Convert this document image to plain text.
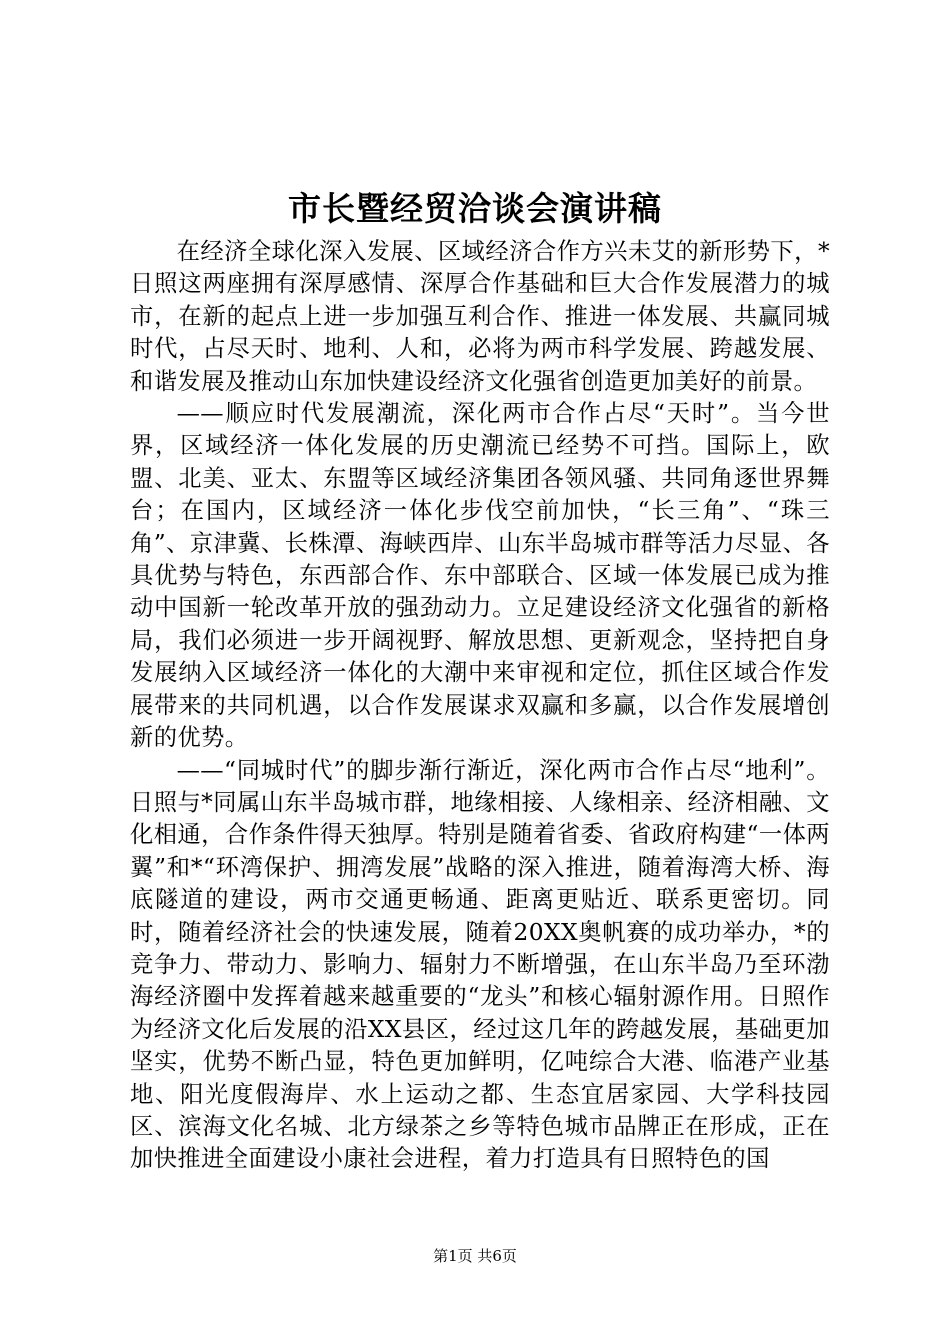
市长暨经贸洽谈会演讲稿

在经济全球化深入发展、区域经济合作方兴未艾的新形势下，*日照这两座拥有深厚感情、深厚合作基础和巨大合作发展潜力的城市，在新的起点上进一步加强互利合作、推进一体发展、共赢同城时代，占尽天时、地利、人和，必将为两市科学发展、跨越发展、和谐发展及推动山东加快建设经济文化强省创造更加美好的前景。

——顺应时代发展潮流，深化两市合作占尽“天时”。当今世界，区域经济一体化发展的历史潮流已经势不可挡。国际上，欧盟、北美、亚太、东盟等区域经济集团各领风骚、共同角逐世界舞台；在国内，区域经济一体化步伐空前加快，“长三角”、“珠三角”、京津冀、长株潭、海峡西岸、山东半岛城市群等活力尽显、各具优势与特色，东西部合作、东中部联合、区域一体发展已成为推动中国新一轮改革开放的强劲动力。立足建设经济文化强省的新格局，我们必须进一步开阔视野、解放思想、更新观念，坚持把自身发展纳入区域经济一体化的大潮中来审视和定位，抓住区域合作发展带来的共同机遇，以合作发展谋求双赢和多赢，以合作发展增创新的优势。

——“同城时代”的脚步渐行渐近，深化两市合作占尽“地利”。日照与*同属山东半岛城市群，地缘相接、人缘相亲、经济相融、文化相通，合作条件得天独厚。特别是随着省委、省政府构建“一体两翼”和*“环湾保护、拥湾发展”战略的深入推进，随着海湾大桥、海底隧道的建设，两市交通更畅通、距离更贴近、联系更密切。同时，随着经济社会的快速发展，随着20XX奥帆赛的成功举办，*的竞争力、带动力、影响力、辐射力不断增强，在山东半岛乃至环渤海经济圈中发挥着越来越重要的“龙头”和核心辐射源作用。日照作为经济文化后发展的沿XX县区，经过这几年的跨越发展，基础更加坚实，优势不断凸显，特色更加鲜明，亿吨综合大港、临港产业基地、阳光度假海岸、水上运动之都、生态宜居家园、大学科技园区、滨海文化名城、北方绿茶之乡等特色城市品牌正在形成，正在加快推进全面建设小康社会进程，着力打造具有日照特色的国

第1页 共6页
